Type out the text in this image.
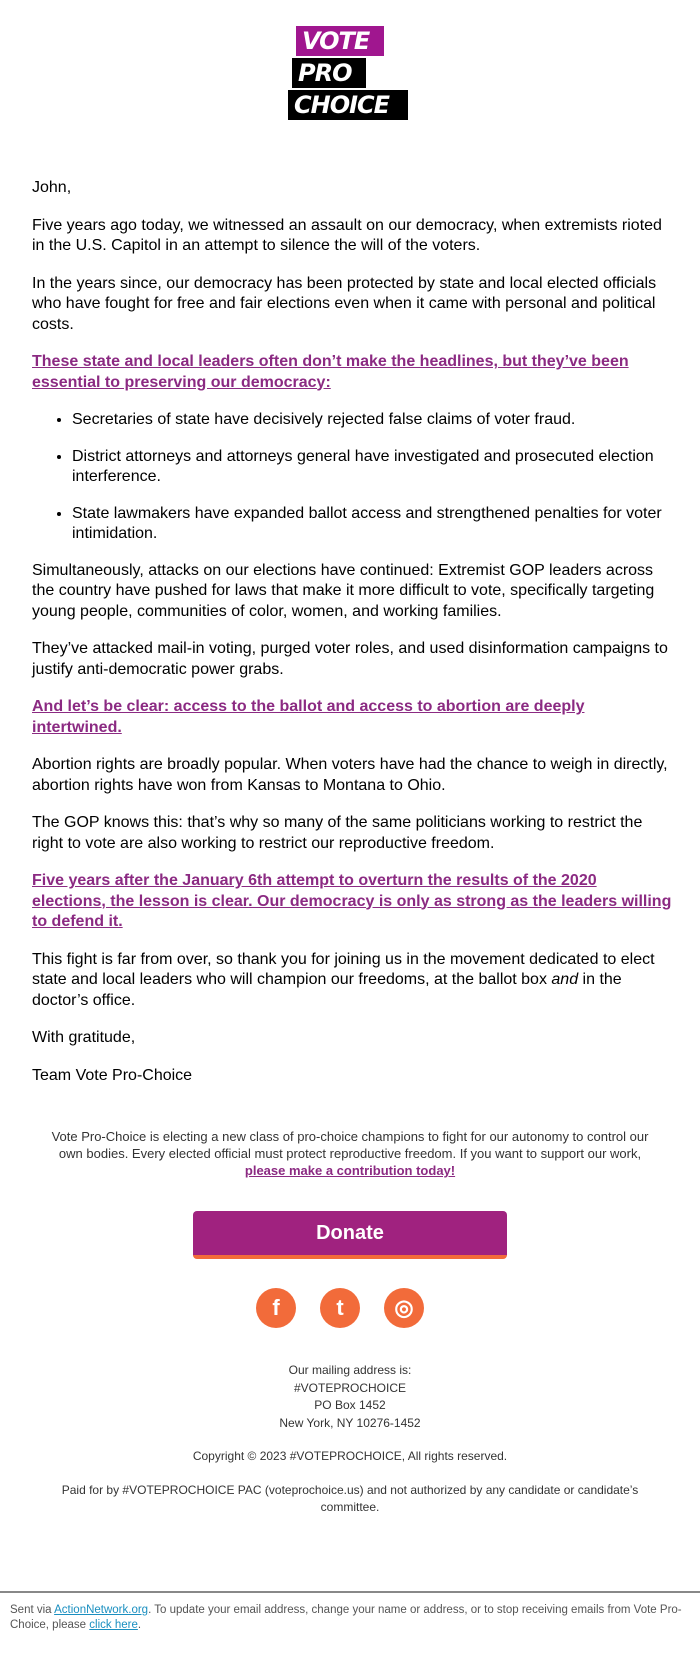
VOTE
PRO
CHOICE

John,

Five years ago today, we witnessed an assault on our democracy, when extremists rioted in the U.S. Capitol in an attempt to silence the will of the voters.

In the years since, our democracy has been protected by state and local elected officials who have fought for free and fair elections even when it came with personal and political costs.

These state and local leaders often don’t make the headlines, but they’ve been essential to preserving our democracy:

• Secretaries of state have decisively rejected false claims of voter fraud.
• District attorneys and attorneys general have investigated and prosecuted election interference.
• State lawmakers have expanded ballot access and strengthened penalties for voter intimidation.

Simultaneously, attacks on our elections have continued: Extremist GOP leaders across the country have pushed for laws that make it more difficult to vote, specifically targeting young people, communities of color, women, and working families.

They’ve attacked mail-in voting, purged voter roles, and used disinformation campaigns to justify anti-democratic power grabs.

And let’s be clear: access to the ballot and access to abortion are deeply intertwined.

Abortion rights are broadly popular. When voters have had the chance to weigh in directly, abortion rights have won from Kansas to Montana to Ohio.

The GOP knows this: that’s why so many of the same politicians working to restrict the right to vote are also working to restrict our reproductive freedom.

Five years after the January 6th attempt to overturn the results of the 2020 elections, the lesson is clear. Our democracy is only as strong as the leaders willing to defend it.

This fight is far from over, so thank you for joining us in the movement dedicated to elect state and local leaders who will champion our freedoms, at the ballot box and in the doctor’s office.

With gratitude,

Team Vote Pro-Choice

Vote Pro-Choice is electing a new class of pro-choice champions to fight for our autonomy to control our own bodies. Every elected official must protect reproductive freedom. If you want to support our work, please make a contribution today!
Donate
f	t	◎
Our mailing address is:
#VOTEPROCHOICE
PO Box 1452
New York, NY 10276-1452
Copyright © 2023 #VOTEPROCHOICE, All rights reserved.
Paid for by #VOTEPROCHOICE PAC (voteprochoice.us) and not authorized by any candidate or candidate’s committee.
Sent via ActionNetwork.org. To update your email address, change your name or address, or to stop receiving emails from Vote Pro-Choice, please click here.
